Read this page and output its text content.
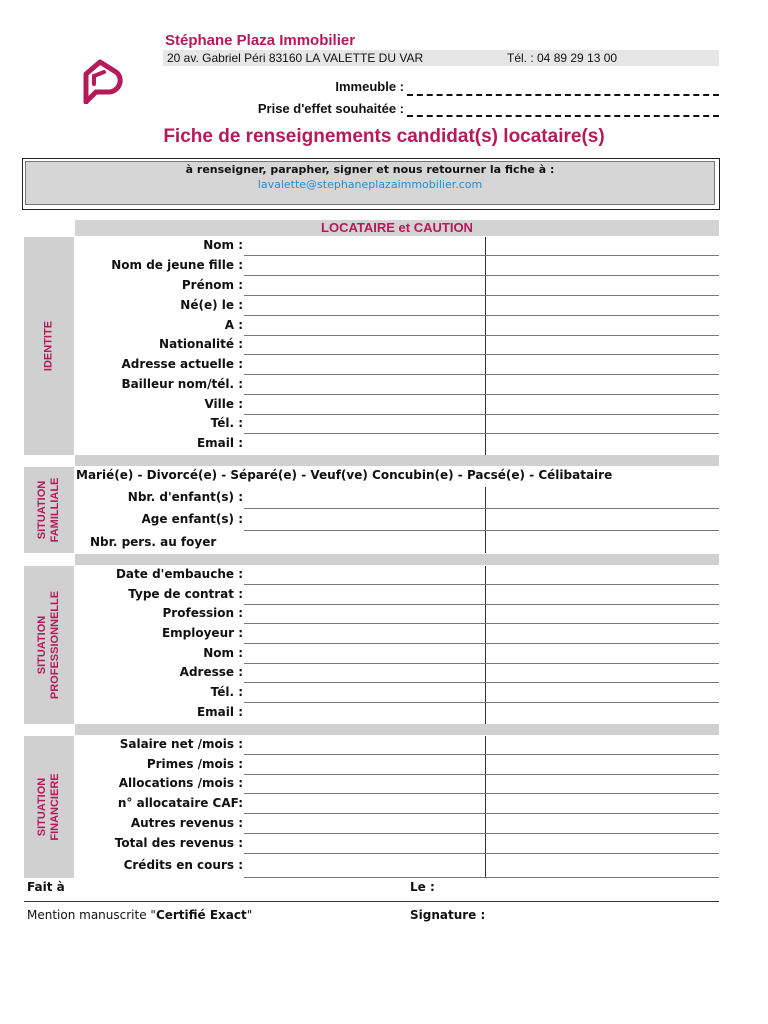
Stéphane Plaza Immobilier
20 av. Gabriel Péri 83160 LA VALETTE DU VAR	Tél. : 04 89 29 13 00
Immeuble :
Prise d'effet souhaitée :
Fiche de renseignements candidat(s) locataire(s)
à renseigner, parapher, signer et nous retourner la fiche à :
lavalette@stephaneplazaimmobilier.com
LOCATAIRE et CAUTION
IDENTITE
SITUATION
FAMILLIALE
SITUATION
PROFESSIONNELLE
SITUATION
FINANCIERE
Nom :
Nom de jeune fille :
Prénom :
Né(e) le :
A :
Nationalité :
Adresse actuelle :
Bailleur nom/tél. :
Ville :
Tél. :
Email :
Marié(e) - Divorcé(e) - Séparé(e) - Veuf(ve) Concubin(e) - Pacsé(e) - Célibataire
Nbr. d'enfant(s) :
Age enfant(s) :
Nbr. pers. au foyer
Date d'embauche :
Type de contrat :
Profession :
Employeur :
Nom :
Adresse :
Tél. :
Email :
Salaire net /mois :
Primes /mois :
Allocations /mois :
n° allocataire CAF:
Autres revenus :
Total des revenus :
Crédits en cours :
Fait à	Le :
Mention manuscrite "Certifié Exact"	Signature :
